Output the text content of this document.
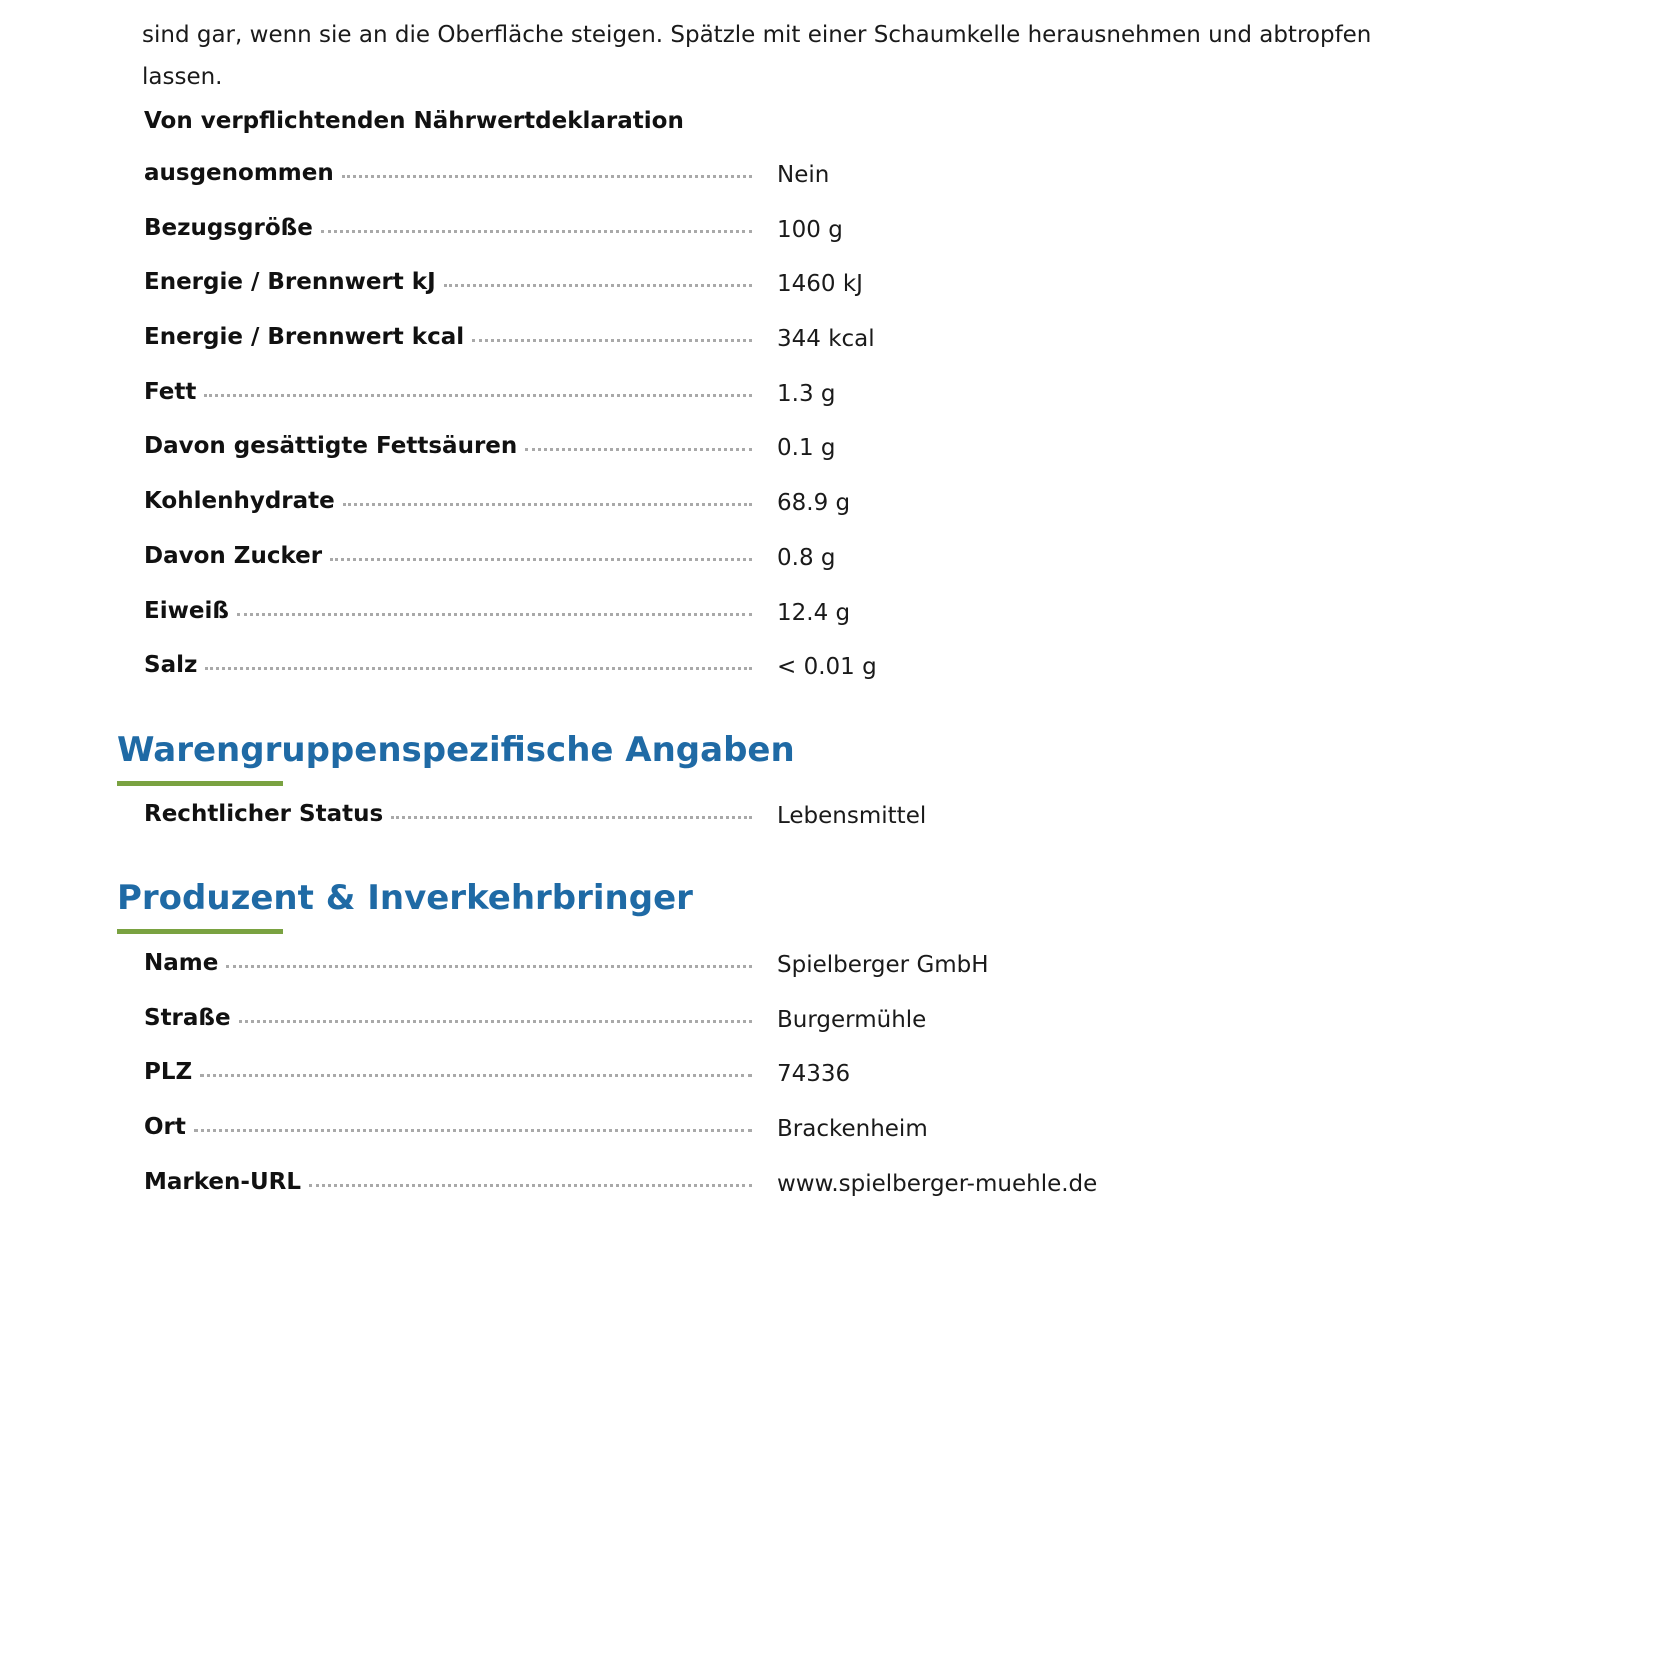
sind gar, wenn sie an die Oberfläche steigen. Spätzle mit einer Schaumkelle herausnehmen und abtropfen
lassen.
Von verpflichtenden Nährwertdeklaration
ausgenommen	Nein
Bezugsgröße	100 g
Energie / Brennwert kJ	1460 kJ
Energie / Brennwert kcal	344 kcal
Fett	1.3 g
Davon gesättigte Fettsäuren	0.1 g
Kohlenhydrate	68.9 g
Davon Zucker	0.8 g
Eiweiß	12.4 g
Salz	< 0.01 g
Warengruppenspezifische Angaben
Rechtlicher Status	Lebensmittel
Produzent & Inverkehrbringer
Name	Spielberger GmbH
Straße	Burgermühle
PLZ	74336
Ort	Brackenheim
Marken-URL	www.spielberger-muehle.de
